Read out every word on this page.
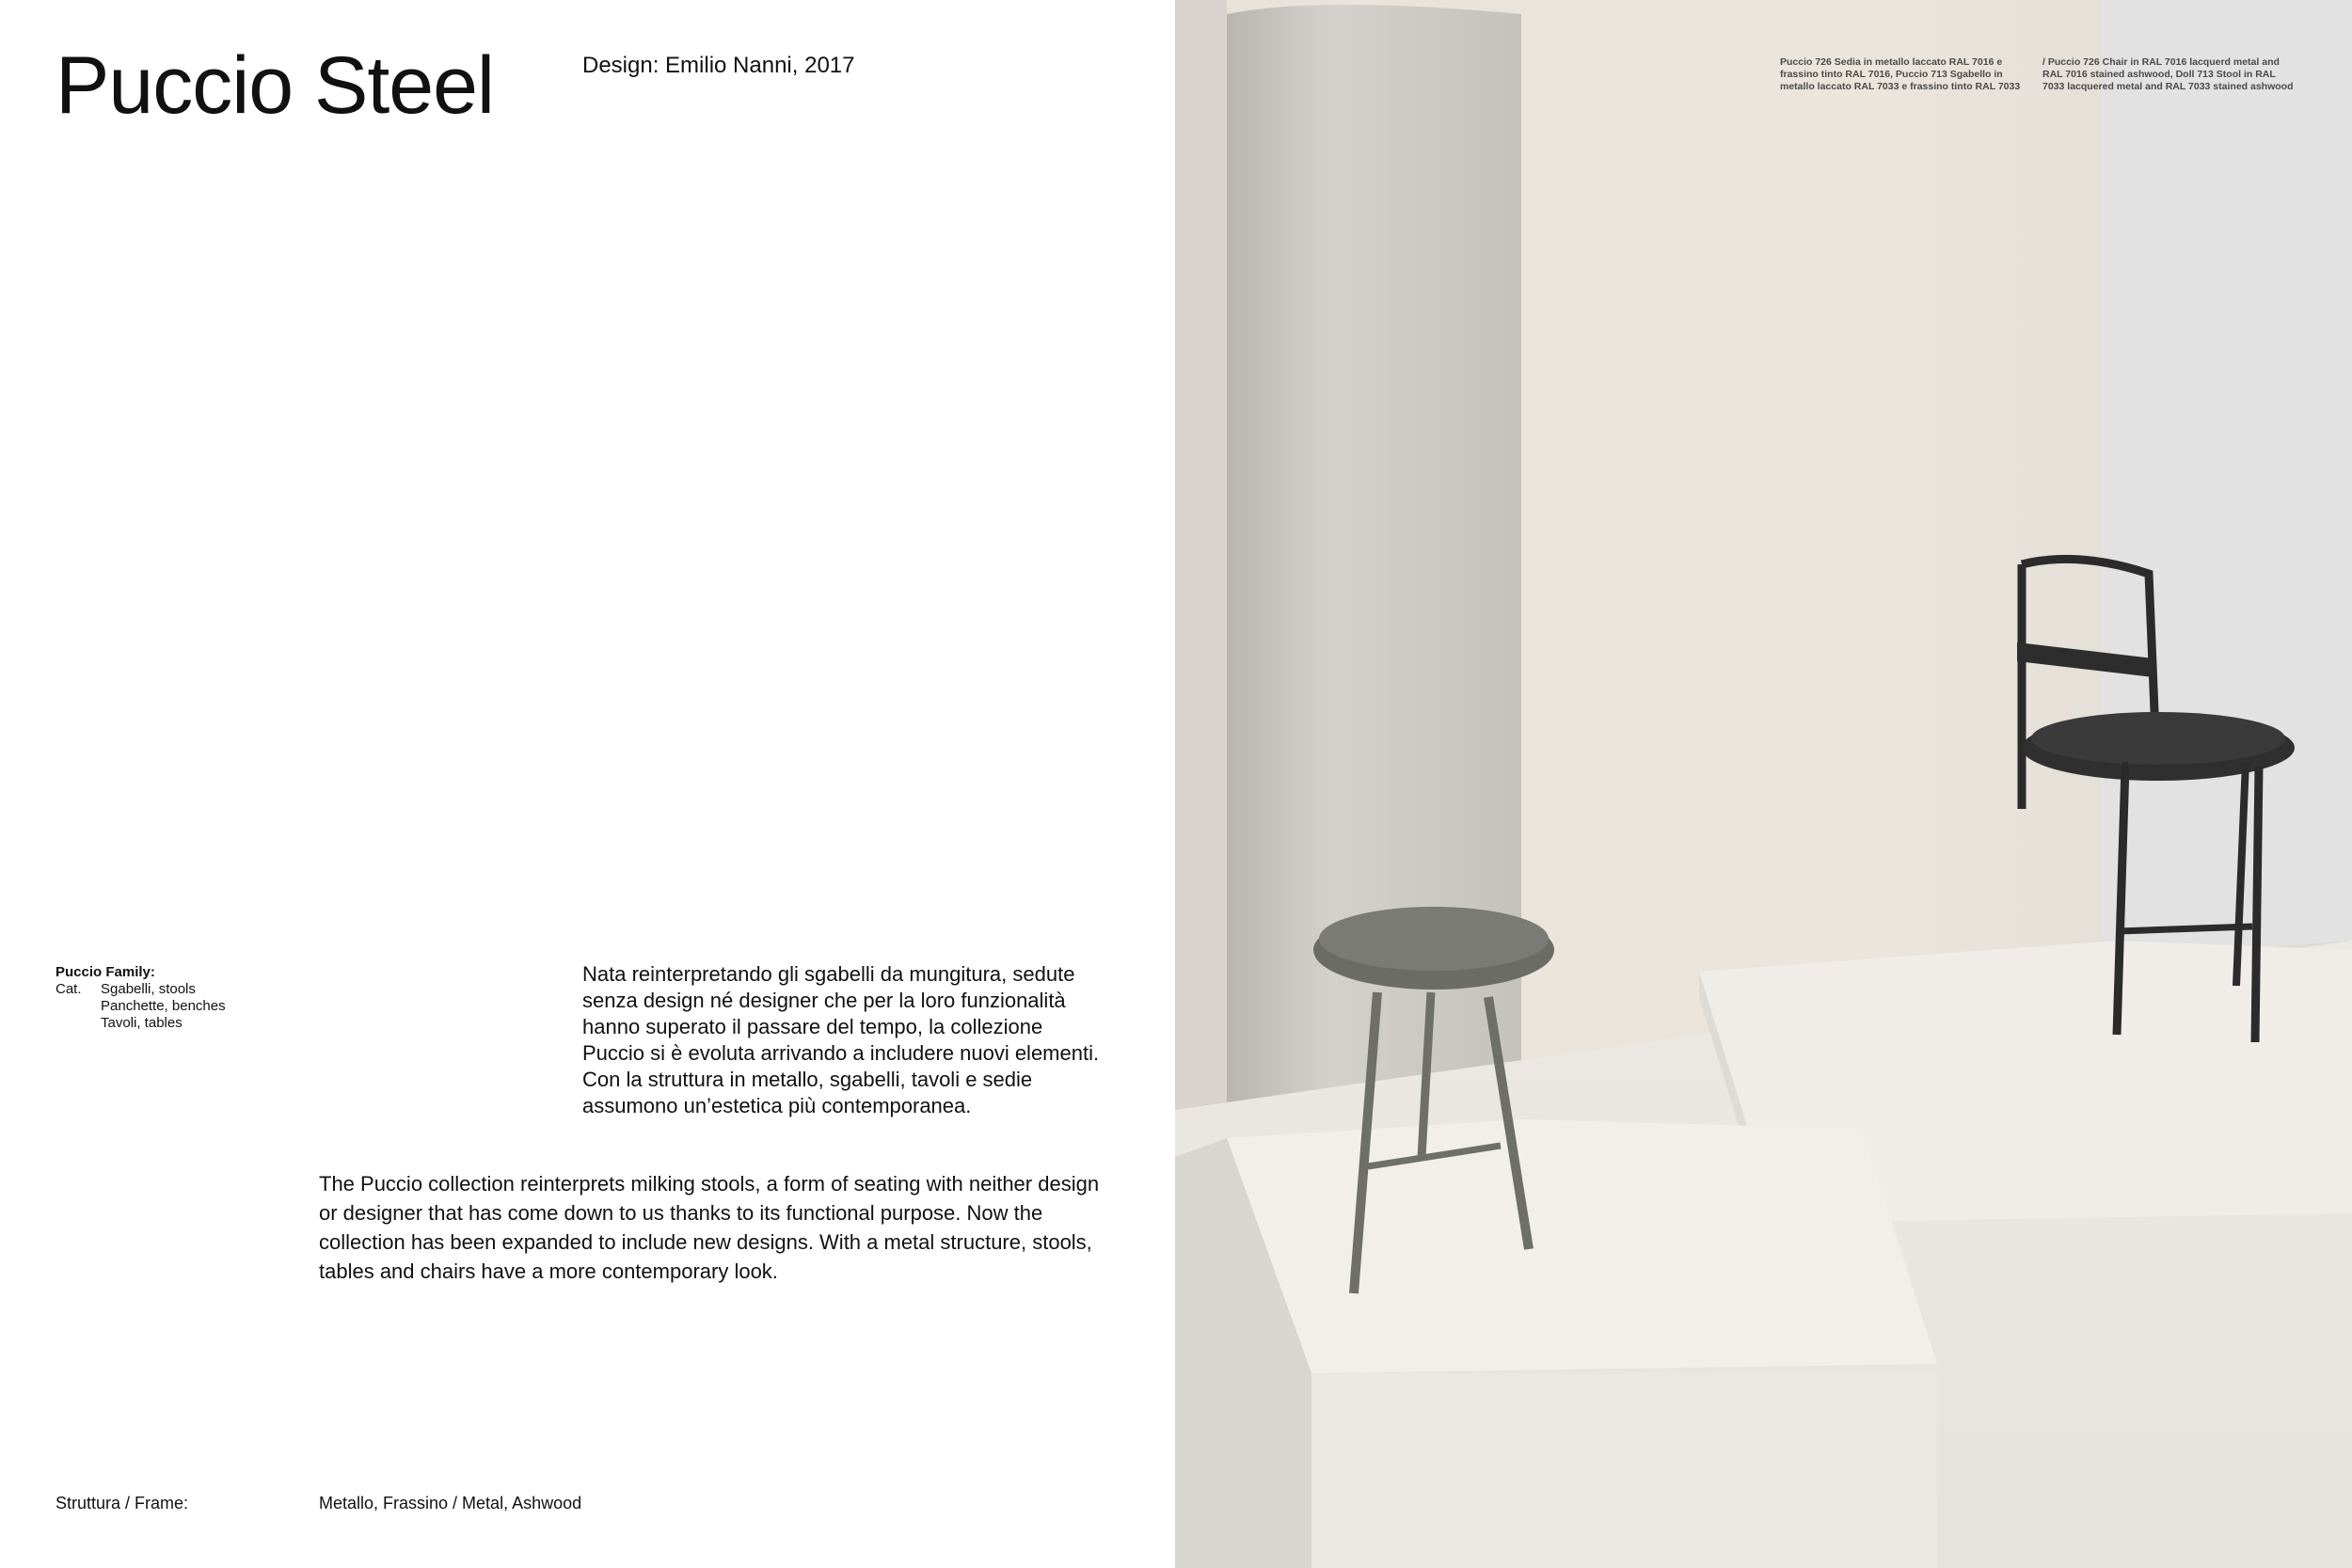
Puccio Steel	Design: Emilio Nanni, 2017
Puccio Family:
Cat.	Sgabelli, stools
Panchette, benches
Tavoli, tables

Nata reinterpretando gli sgabelli da mungitura, sedute senza design né designer che per la loro funzionalità hanno superato il passare del tempo, la collezione Puccio si è evoluta arrivando a includere nuovi elementi. Con la struttura in metallo, sgabelli, tavoli e sedie assumono un’estetica più contemporanea.

The Puccio collection reinterprets milking stools, a form of seating with neither design or designer that has come down to us thanks to its functional purpose. Now the collection has been expanded to include new designs. With a metal structure, stools, tables and chairs have a more contemporary look.

Struttura / Frame:	Metallo, Frassino / Metal, Ashwood
Puccio 726 Sedia in metallo laccato RAL 7016 e frassino tinto RAL 7016, Puccio 713 Sgabello in metallo laccato RAL 7033 e frassino tinto RAL 7033
/ Puccio 726 Chair in RAL 7016 lacquerd metal and RAL 7016 stained ashwood, Doll 713 Stool in RAL 7033 lacquered metal and RAL 7033 stained ashwood
